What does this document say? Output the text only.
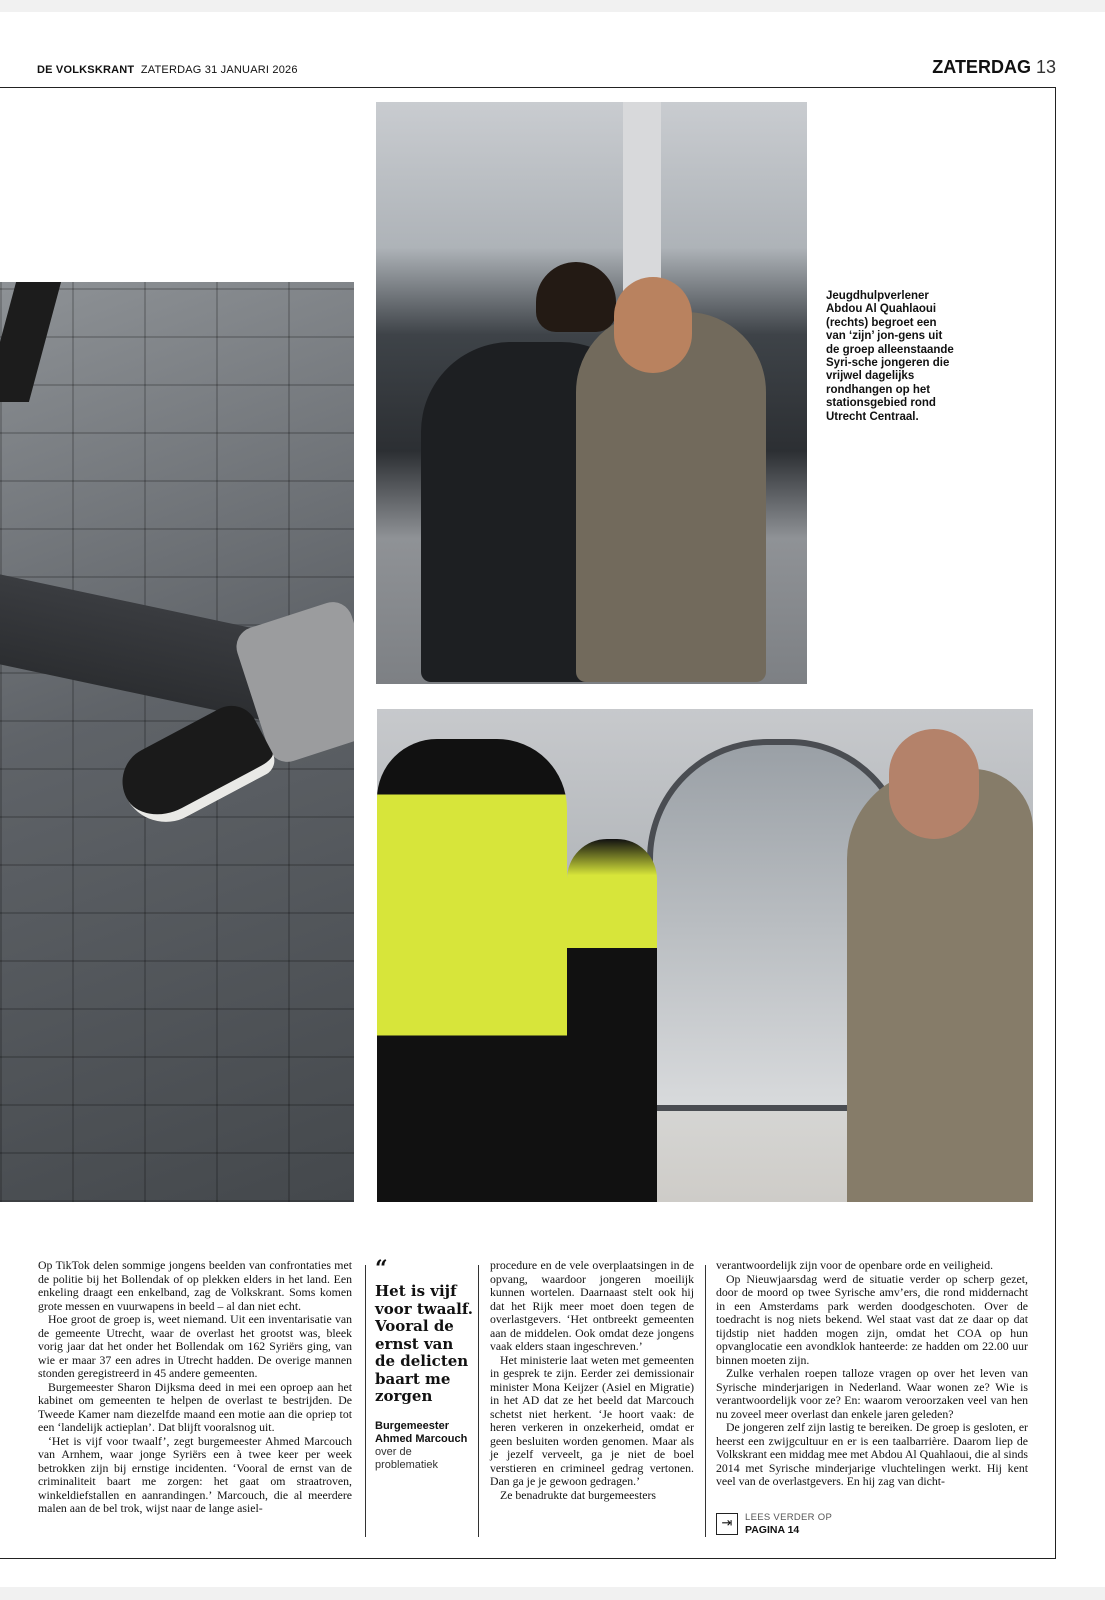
DE VOLKSKRANT ZATERDAG 31 JANUARI 2026	ZATERDAG 13
Jeugdhulpverlener Abdou Al Quahlaoui (rechts) begroet een van ‘zijn’ jon-gens uit de groep alleenstaande Syri-sche jongeren die vrijwel dagelijks rondhangen op het stationsgebied rond Utrecht Centraal.

Op TikTok delen sommige jongens beelden van confrontaties met de politie bij het Bollendak of op plekken elders in het land. Een enkeling draagt een enkelband, zag de Volkskrant. Soms komen grote messen en vuurwapens in beeld – al dan niet echt.

Hoe groot de groep is, weet niemand. Uit een inventarisatie van de gemeente Utrecht, waar de overlast het grootst was, bleek vorig jaar dat het onder het Bollendak om 162 Syriërs ging, van wie er maar 37 een adres in Utrecht hadden. De overige mannen stonden geregistreerd in 45 andere gemeenten.

Burgemeester Sharon Dijksma deed in mei een oproep aan het kabinet om gemeenten te helpen de overlast te bestrijden. De Tweede Kamer nam diezelfde maand een motie aan die opriep tot een ‘landelijk actieplan’. Dat blijft vooralsnog uit.

‘Het is vijf voor twaalf’, zegt burgemeester Ahmed Marcouch van Arnhem, waar jonge Syriërs een à twee keer per week betrokken zijn bij ernstige incidenten. ‘Vooral de ernst van de criminaliteit baart me zorgen: het gaat om straatroven, winkeldiefstallen en aanrandingen.’ Marcouch, die al meerdere malen aan de bel trok, wijst naar de lange asiel-

“
Het is vijf voor twaalf. Vooral de ernst van de delicten baart me zorgen
Burgemeester Ahmed Marcouch
over de problematiek

procedure en de vele overplaatsingen in de opvang, waardoor jongeren moeilijk kunnen wortelen. Daarnaast stelt ook hij dat het Rijk meer moet doen tegen de overlastgevers. ‘Het ontbreekt gemeenten aan de middelen. Ook omdat deze jongens vaak elders staan ingeschreven.’

Het ministerie laat weten met gemeenten in gesprek te zijn. Eerder zei demissionair minister Mona Keijzer (Asiel en Migratie) in het AD dat ze het beeld dat Marcouch schetst niet herkent. ‘Je hoort vaak: de heren verkeren in onzekerheid, omdat er geen besluiten worden genomen. Maar als je jezelf verveelt, ga je niet de boel verstieren en crimineel gedrag vertonen. Dan ga je je gewoon gedragen.’

Ze benadrukte dat burgemeesters

verantwoordelijk zijn voor de openbare orde en veiligheid.

Op Nieuwjaarsdag werd de situatie verder op scherp gezet, door de moord op twee Syrische amv’ers, die rond middernacht in een Amsterdams park werden doodgeschoten. Over de toedracht is nog niets bekend. Wel staat vast dat ze daar op dat tijdstip niet hadden mogen zijn, omdat het COA op hun opvanglocatie een avondklok hanteerde: ze hadden om 22.00 uur binnen moeten zijn.

Zulke verhalen roepen talloze vragen op over het leven van Syrische minderjarigen in Nederland. Waar wonen ze? Wie is verantwoordelijk voor ze? En: waarom veroorzaken veel van hen nu zoveel meer overlast dan enkele jaren geleden?

De jongeren zelf zijn lastig te bereiken. De groep is gesloten, er heerst een zwijgcultuur en er is een taalbarrière. Daarom liep de Volkskrant een middag mee met Abdou Al Quahlaoui, die al sinds 2014 met Syrische minderjarige vluchtelingen werkt. Hij kent veel van de overlastgevers. En hij zag van dicht-

⇥	LEES VERDER OP
PAGINA 14
